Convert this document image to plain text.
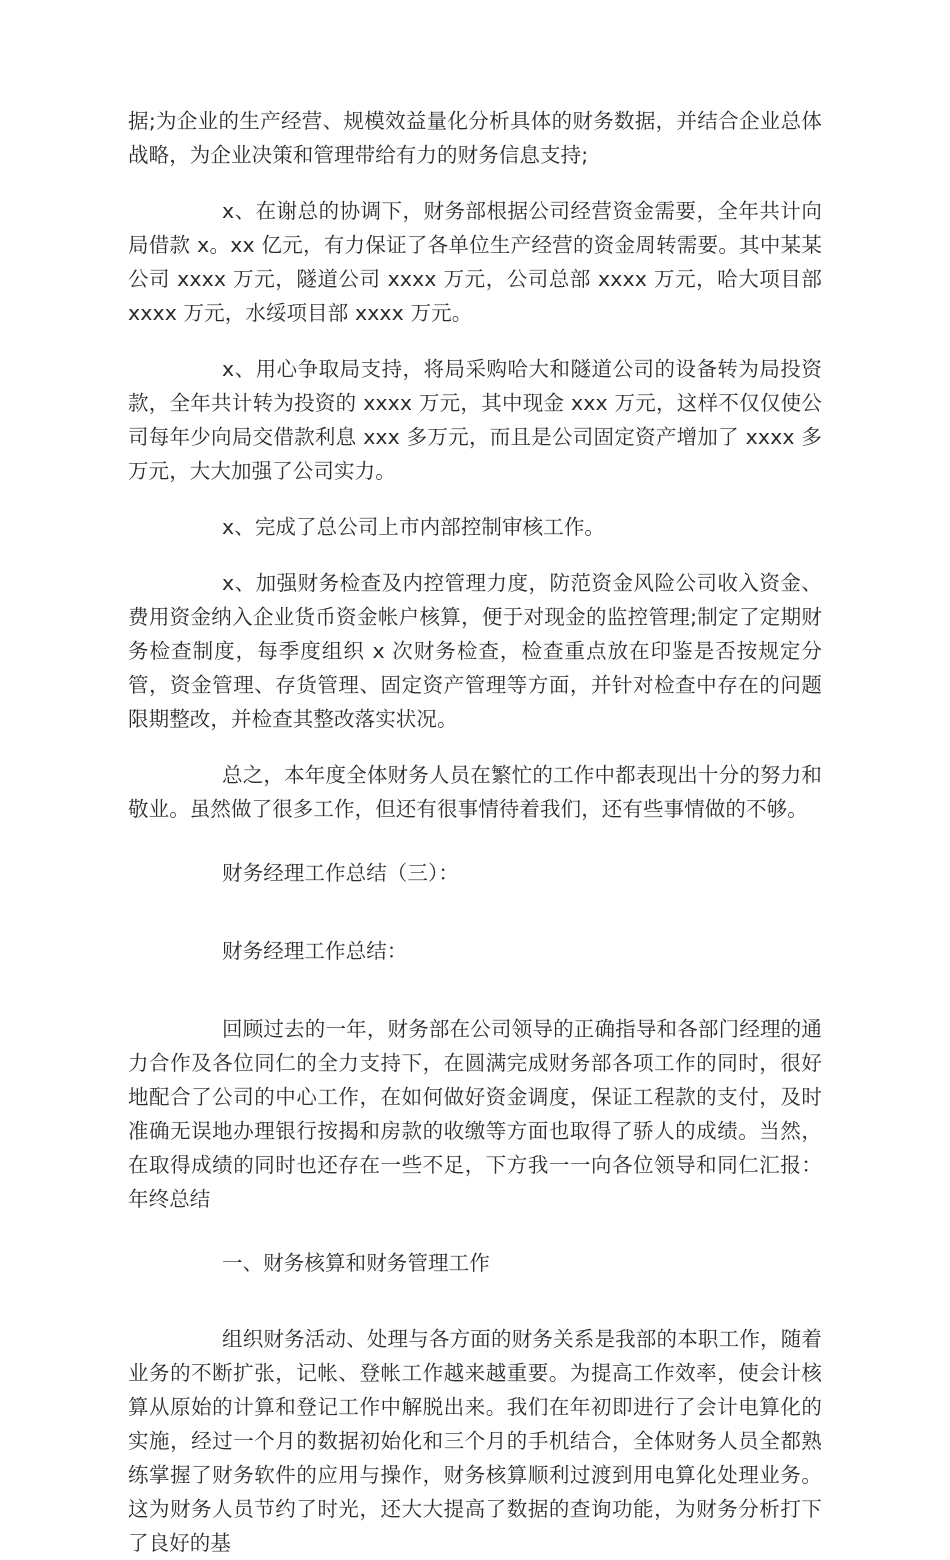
据;为企业的生产经营、规模效益量化分析具体的财务数据，并结合企业总体战略，为企业决策和管理带给有力的财务信息支持;

x、在谢总的协调下，财务部根据公司经营资金需要，全年共计向局借款 x。xx 亿元，有力保证了各单位生产经营的资金周转需要。其中某某公司 xxxx 万元，隧道公司 xxxx 万元，公司总部 xxxx 万元，哈大项目部 xxxx 万元，水绥项目部 xxxx 万元。

x、用心争取局支持，将局采购哈大和隧道公司的设备转为局投资款，全年共计转为投资的 xxxx 万元，其中现金 xxx 万元，这样不仅仅使公司每年少向局交借款利息 xxx 多万元，而且是公司固定资产增加了 xxxx 多万元，大大加强了公司实力。

x、完成了总公司上市内部控制审核工作。

x、加强财务检查及内控管理力度，防范资金风险公司收入资金、费用资金纳入企业货币资金帐户核算，便于对现金的监控管理;制定了定期财务检查制度，每季度组织 x 次财务检查，检查重点放在印鉴是否按规定分管，资金管理、存货管理、固定资产管理等方面，并针对检查中存在的问题限期整改，并检查其整改落实状况。

总之，本年度全体财务人员在繁忙的工作中都表现出十分的努力和敬业。虽然做了很多工作，但还有很事情待着我们，还有些事情做的不够。

财务经理工作总结（三）：

财务经理工作总结：

回顾过去的一年，财务部在公司领导的正确指导和各部门经理的通力合作及各位同仁的全力支持下，在圆满完成财务部各项工作的同时，很好地配合了公司的中心工作，在如何做好资金调度，保证工程款的支付，及时准确无误地办理银行按揭和房款的收缴等方面也取得了骄人的成绩。当然，在取得成绩的同时也还存在一些不足，下方我一一向各位领导和同仁汇报：年终总结

一、财务核算和财务管理工作

组织财务活动、处理与各方面的财务关系是我部的本职工作，随着业务的不断扩张，记帐、登帐工作越来越重要。为提高工作效率，使会计核算从原始的计算和登记工作中解脱出来。我们在年初即进行了会计电算化的实施，经过一个月的数据初始化和三个月的手机结合，全体财务人员全都熟练掌握了财务软件的应用与操作，财务核算顺利过渡到用电算化处理业务。这为财务人员节约了时光，还大大提高了数据的查询功能，为财务分析打下了良好的基
